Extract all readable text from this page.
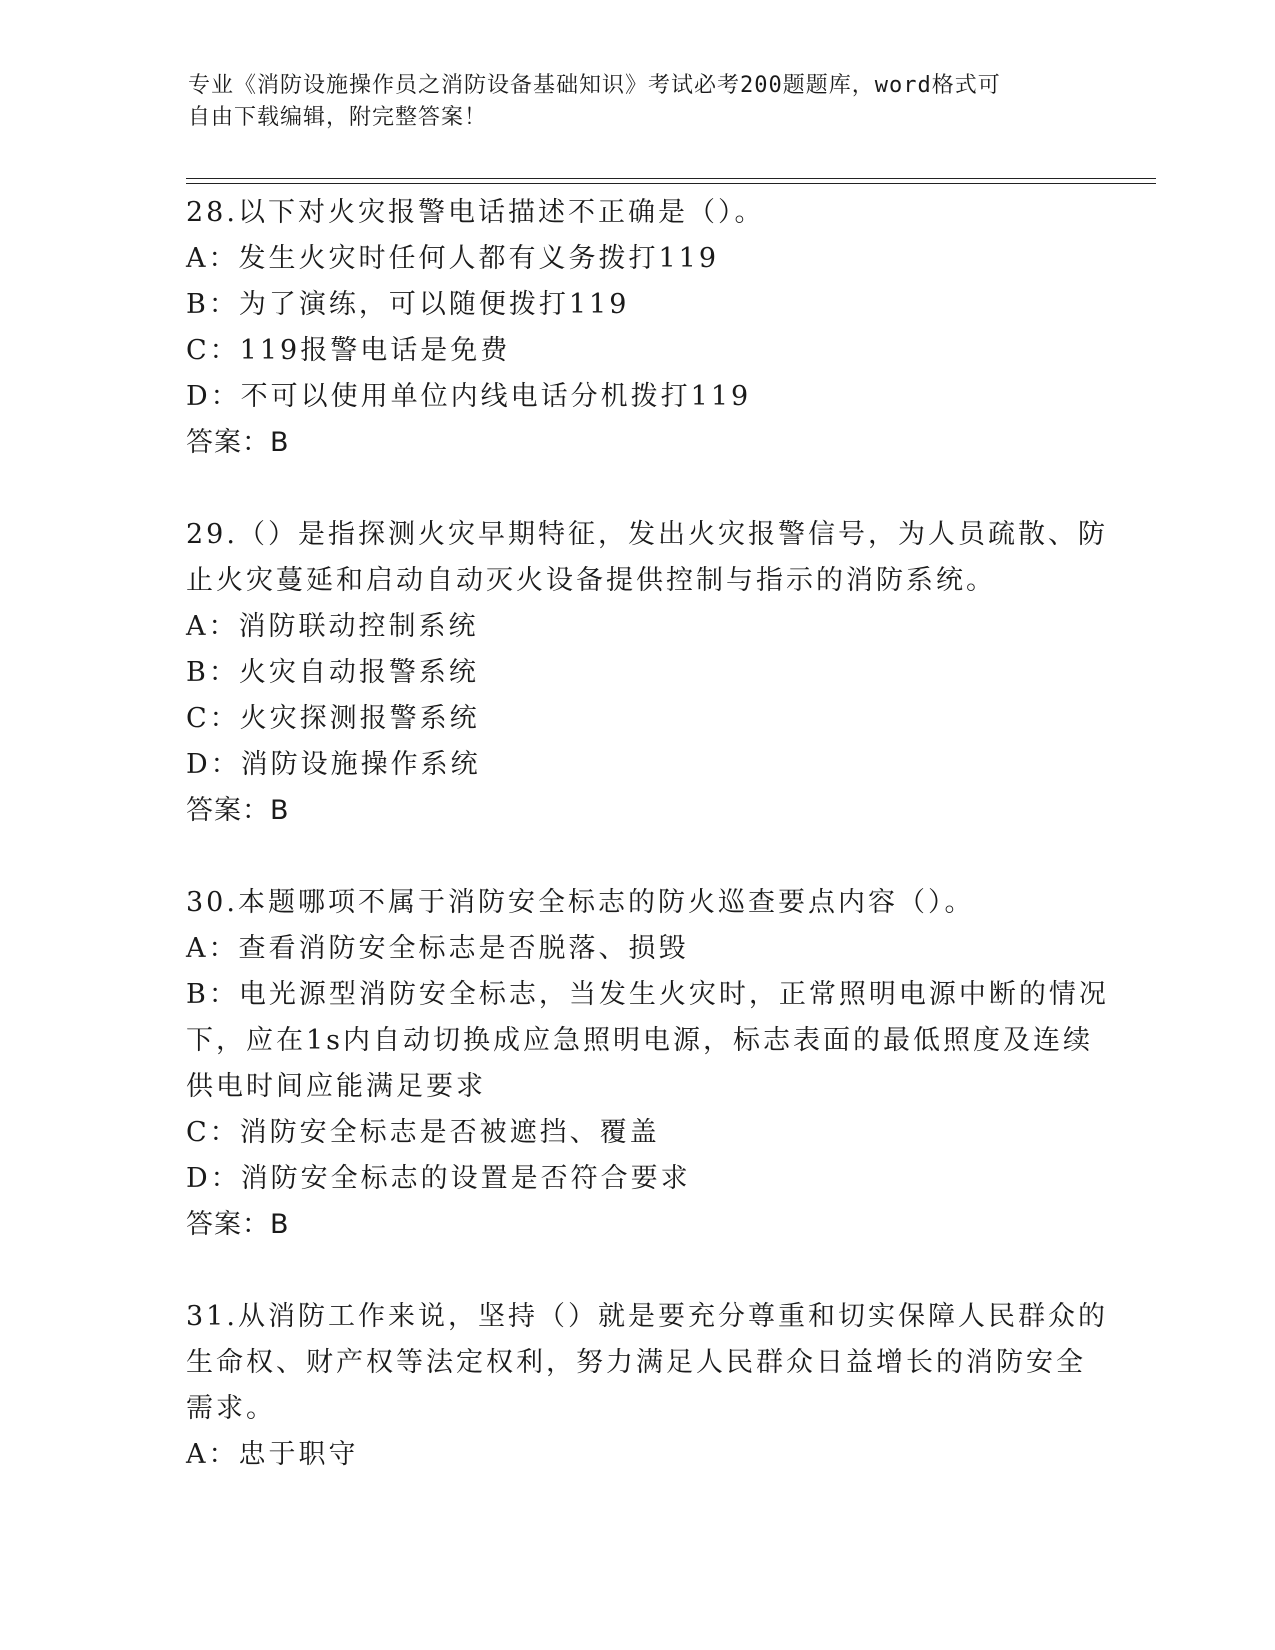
专业《消防设施操作员之消防设备基础知识》考试必考200题题库，word格式可
自由下载编辑，附完整答案！
28.以下对火灾报警电话描述不正确是（）。
A：发生火灾时任何人都有义务拨打119
B：为了演练，可以随便拨打119
C：119报警电话是免费
D：不可以使用单位内线电话分机拨打119
答案：B
29.（）是指探测火灾早期特征，发出火灾报警信号，为人员疏散、防
止火灾蔓延和启动自动灭火设备提供控制与指示的消防系统。
A：消防联动控制系统
B：火灾自动报警系统
C：火灾探测报警系统
D：消防设施操作系统
答案：B
30.本题哪项不属于消防安全标志的防火巡查要点内容（）。
A：查看消防安全标志是否脱落、损毁
B：电光源型消防安全标志，当发生火灾时，正常照明电源中断的情况
下，应在1s内自动切换成应急照明电源，标志表面的最低照度及连续
供电时间应能满足要求
C：消防安全标志是否被遮挡、覆盖
D：消防安全标志的设置是否符合要求
答案：B
31.从消防工作来说，坚持（）就是要充分尊重和切实保障人民群众的
生命权、财产权等法定权利，努力满足人民群众日益增长的消防安全
需求。
A：忠于职守
